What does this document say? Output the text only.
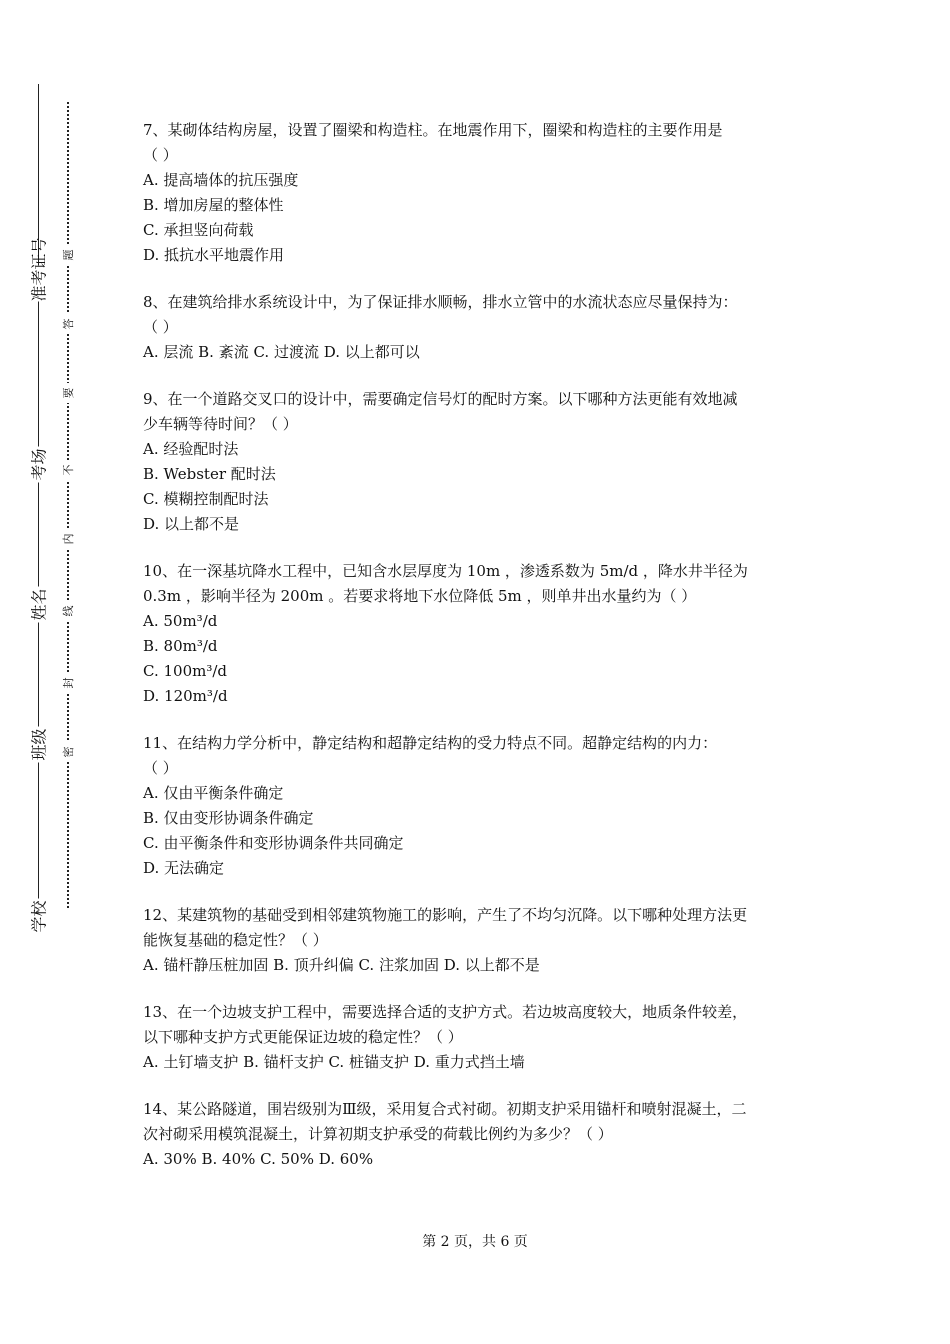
准考证号
考场
姓名
班级
学校
题
答
要
不
内
线
封
密
7、某砌体结构房屋，设置了圈梁和构造柱。在地震作用下，圈梁和构造柱的主要作用是
（ ）
A. 提高墙体的抗压强度
B. 增加房屋的整体性
C. 承担竖向荷载
D. 抵抗水平地震作用
8、在建筑给排水系统设计中，为了保证排水顺畅，排水立管中的水流状态应尽量保持为：
（ ）
A. 层流 B. 紊流 C. 过渡流 D. 以上都可以
9、在一个道路交叉口的设计中，需要确定信号灯的配时方案。以下哪种方法更能有效地减
少车辆等待时间？（ ）
A. 经验配时法
B. Webster 配时法
C. 模糊控制配时法
D. 以上都不是
10、在一深基坑降水工程中，已知含水层厚度为 10m ，渗透系数为 5m/d ，降水井半径为
0.3m ，影响半径为 200m 。若要求将地下水位降低 5m ，则单井出水量约为（ ）
A. 50m³/d
B. 80m³/d
C. 100m³/d
D. 120m³/d
11、在结构力学分析中，静定结构和超静定结构的受力特点不同。超静定结构的内力：
（ ）
A. 仅由平衡条件确定
B. 仅由变形协调条件确定
C. 由平衡条件和变形协调条件共同确定
D. 无法确定
12、某建筑物的基础受到相邻建筑物施工的影响，产生了不均匀沉降。以下哪种处理方法更
能恢复基础的稳定性？（ ）
A. 锚杆静压桩加固 B. 顶升纠偏 C. 注浆加固 D. 以上都不是
13、在一个边坡支护工程中，需要选择合适的支护方式。若边坡高度较大，地质条件较差，
以下哪种支护方式更能保证边坡的稳定性？（ ）
A. 土钉墙支护 B. 锚杆支护 C. 桩锚支护 D. 重力式挡土墙
14、某公路隧道，围岩级别为Ⅲ级，采用复合式衬砌。初期支护采用锚杆和喷射混凝土，二
次衬砌采用模筑混凝土，计算初期支护承受的荷载比例约为多少？（ ）
A. 30% B. 40% C. 50% D. 60%
第 2 页，共 6 页
